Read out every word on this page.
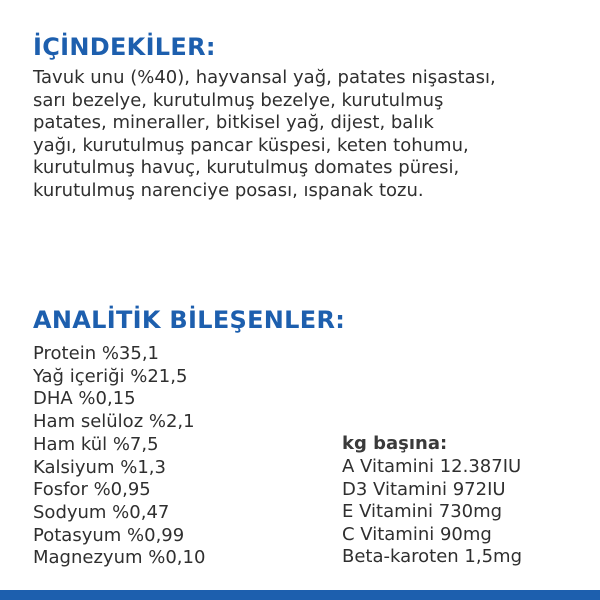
İÇİNDEKİLER:
Tavuk unu (%40), hayvansal yağ, patates nişastası,
sarı bezelye, kurutulmuş bezelye, kurutulmuş
patates, mineraller, bitkisel yağ, dijest, balık
yağı, kurutulmuş pancar küspesi, keten tohumu,
kurutulmuş havuç, kurutulmuş domates püresi,
kurutulmuş narenciye posası, ıspanak tozu.
ANALİTİK BİLEŞENLER:
Protein %35,1
Yağ içeriği %21,5
DHA %0,15
Ham selüloz %2,1
Ham kül %7,5
Kalsiyum %1,3
Fosfor %0,95
Sodyum %0,47
Potasyum %0,99
Magnezyum %0,10
kg başına:
A Vitamini 12.387IU
D3 Vitamini 972IU
E Vitamini 730mg
C Vitamini 90mg
Beta-karoten 1,5mg
